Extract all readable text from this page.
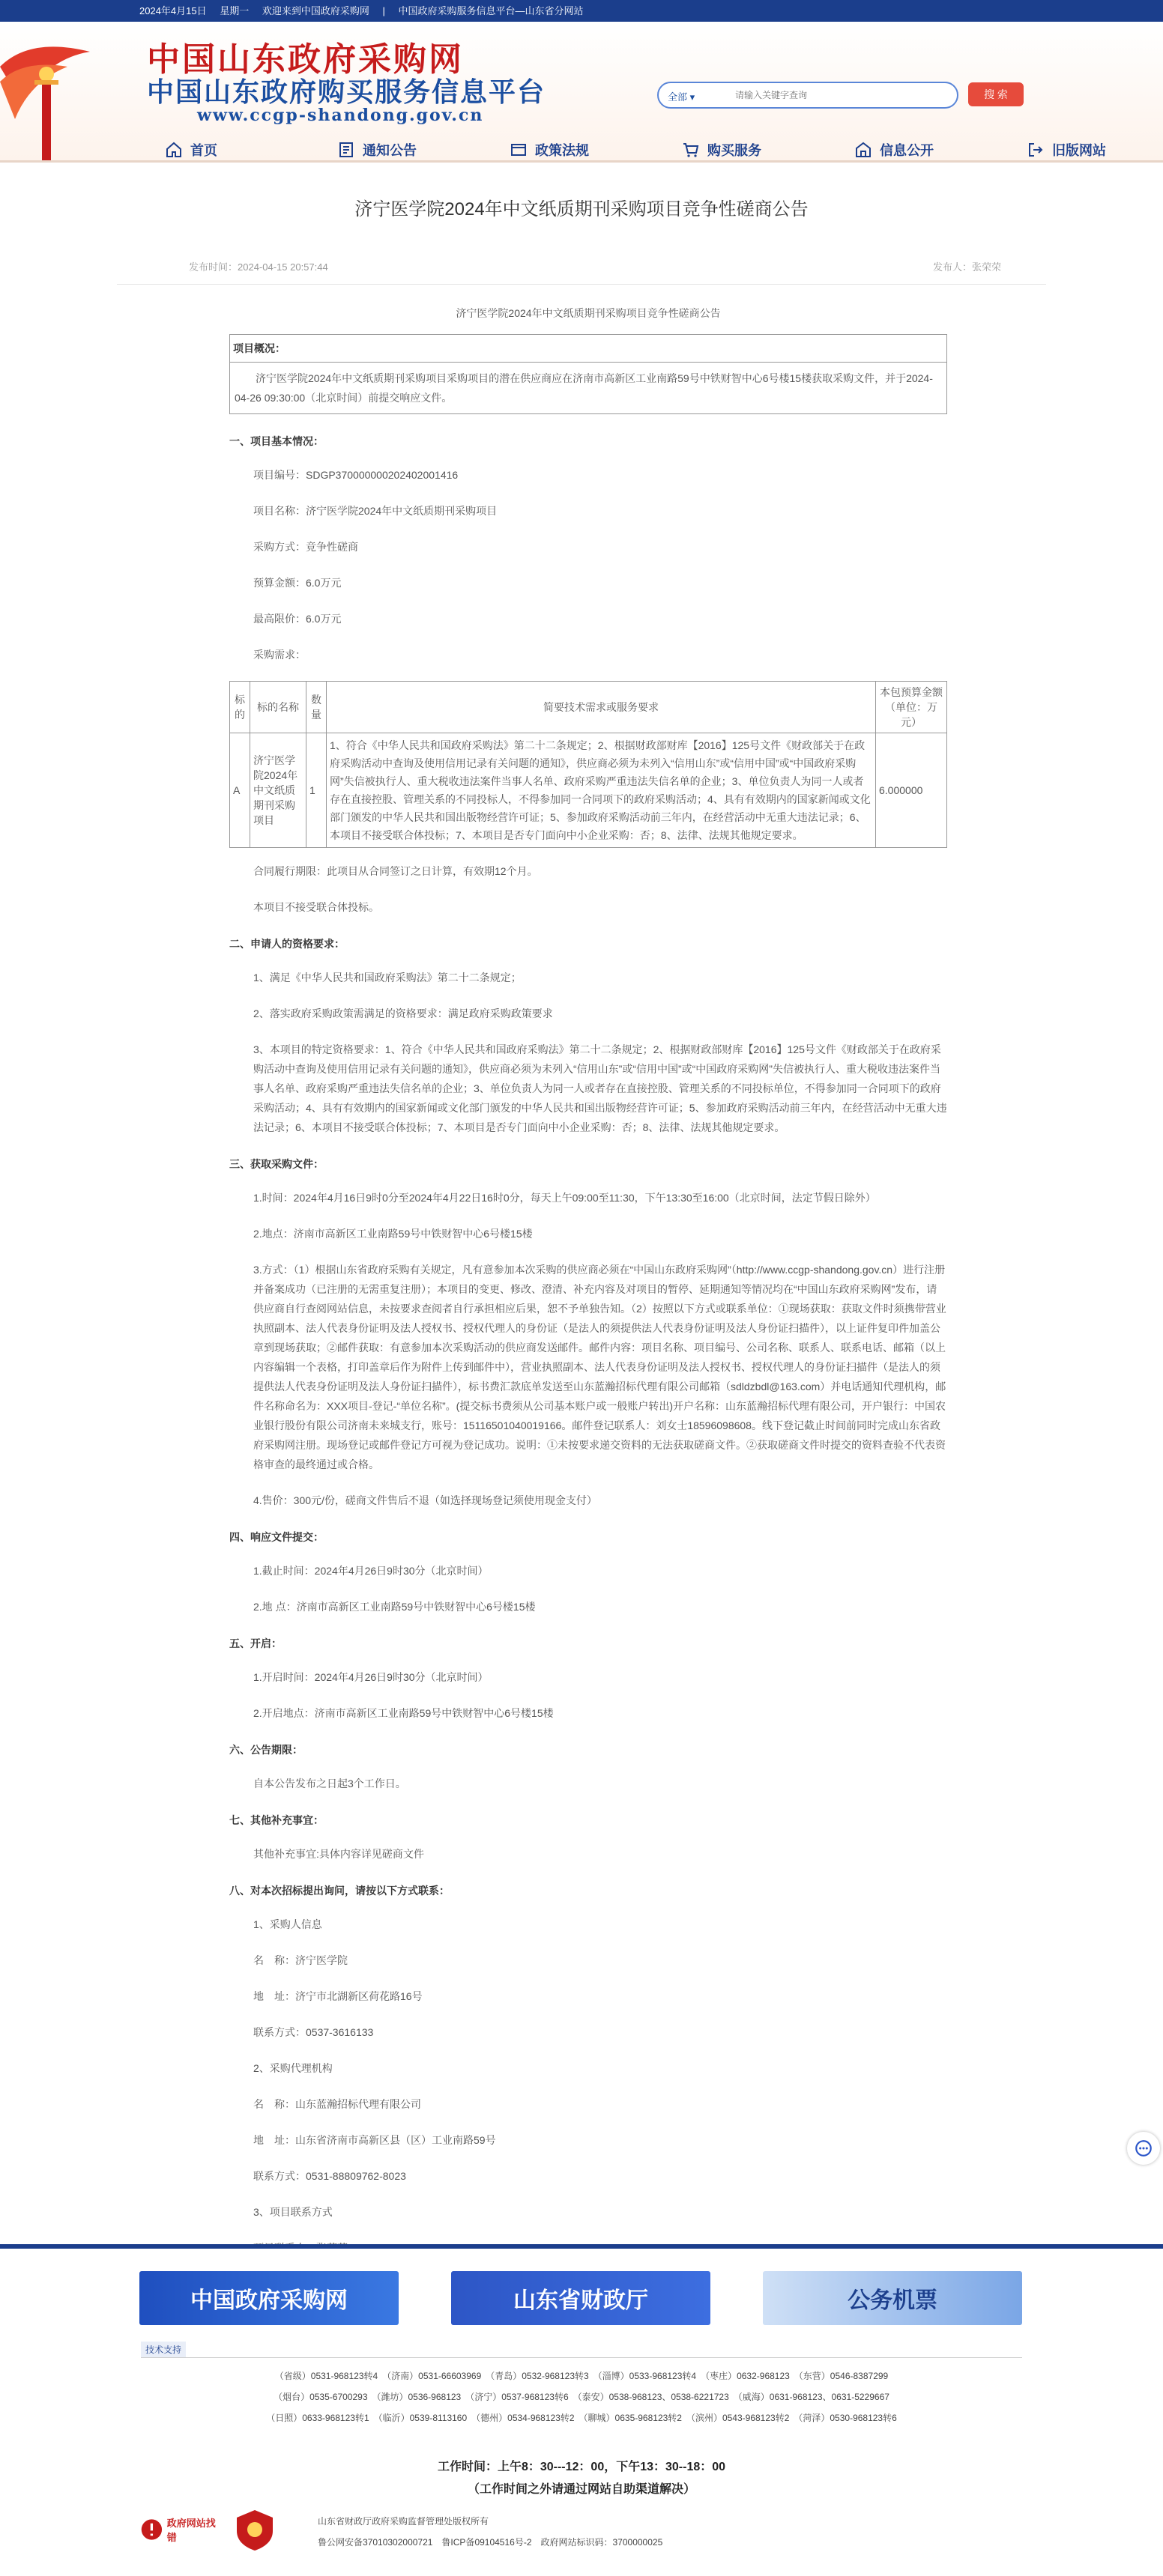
2024年4月15日 星期一 欢迎来到中国政府采购网 | 中国政府采购服务信息平台—山东省分网站
中国山东政府采购网
中国山东政府购买服务信息平台
www.ccgp-shandong.gov.cn
全部 ▾
请输入关键字查询	搜 索
首页	通知公告	政策法规	购买服务	信息公开	旧版网站
济宁医学院2024年中文纸质期刊采购项目竞争性磋商公告
发布时间：2024-04-15 20:57:44	发布人：张荣荣
济宁医学院2024年中文纸质期刊采购项目竞争性磋商公告
项目概况：
济宁医学院2024年中文纸质期刊采购项目采购项目的潜在供应商应在济南市高新区工业南路59号中铁财智中心6号楼15楼获取采购文件，并于2024-04-26 09:30:00（北京时间）前提交响应文件。
一、项目基本情况：
项目编号：SDGP370000000202402001416
项目名称：济宁医学院2024年中文纸质期刊采购项目
采购方式：竞争性磋商
预算金额：6.0万元
最高限价：6.0万元
采购需求：
标的	标的名称	数量	简要技术需求或服务要求	本包预算金额（单位：万元）
A	济宁医学院2024年中文纸质期刊采购项目	1	1、符合《中华人民共和国政府采购法》第二十二条规定；2、根据财政部财库【2016】125号文件《财政部关于在政府采购活动中查询及使用信用记录有关问题的通知》，供应商必须为未列入“信用山东”或“信用中国”或“中国政府采购网”失信被执行人、重大税收违法案件当事人名单、政府采购严重违法失信名单的企业；3、单位负责人为同一人或者存在直接控股、管理关系的不同投标人，不得参加同一合同项下的政府采购活动；4、具有有效期内的国家新闻或文化部门颁发的中华人民共和国出版物经营许可证；5、参加政府采购活动前三年内，在经营活动中无重大违法记录；6、本项目不接受联合体投标；7、本项目是否专门面向中小企业采购：否；8、法律、法规其他规定要求。	6.000000
合同履行期限：此项目从合同签订之日计算，有效期12个月。
本项目不接受联合体投标。
二、申请人的资格要求：
1、满足《中华人民共和国政府采购法》第二十二条规定；
2、落实政府采购政策需满足的资格要求：满足政府采购政策要求
3、本项目的特定资格要求：1、符合《中华人民共和国政府采购法》第二十二条规定；2、根据财政部财库【2016】125号文件《财政部关于在政府采购活动中查询及使用信用记录有关问题的通知》，供应商必须为未列入“信用山东”或“信用中国”或“中国政府采购网”失信被执行人、重大税收违法案件当事人名单、政府采购严重违法失信名单的企业；3、单位负责人为同一人或者存在直接控股、管理关系的不同投标单位，不得参加同一合同项下的政府采购活动；4、具有有效期内的国家新闻或文化部门颁发的中华人民共和国出版物经营许可证；5、参加政府采购活动前三年内，在经营活动中无重大违法记录；6、本项目不接受联合体投标；7、本项目是否专门面向中小企业采购：否；8、法律、法规其他规定要求。
三、获取采购文件：
1.时间：2024年4月16日9时0分至2024年4月22日16时0分，每天上午09:00至11:30，下午13:30至16:00（北京时间，法定节假日除外）
2.地点：济南市高新区工业南路59号中铁财智中心6号楼15楼
3.方式：（1）根据山东省政府采购有关规定，凡有意参加本次采购的供应商必须在“中国山东政府采购网”（http://www.ccgp-shandong.gov.cn）进行注册并备案成功（已注册的无需重复注册）；本项目的变更、修改、澄清、补充内容及对项目的暂停、延期通知等情况均在“中国山东政府采购网”发布，请供应商自行查阅网站信息，未按要求查阅者自行承担相应后果，恕不予单独告知。（2）按照以下方式或联系单位：①现场获取：获取文件时须携带营业执照副本、法人代表身份证明及法人授权书、授权代理人的身份证（是法人的须提供法人代表身份证明及法人身份证扫描件），以上证件复印件加盖公章到现场获取；②邮件获取：有意参加本次采购活动的供应商发送邮件。邮件内容：项目名称、项目编号、公司名称、联系人、联系电话、邮箱（以上内容编辑一个表格，打印盖章后作为附件上传到邮件中），营业执照副本、法人代表身份证明及法人授权书、授权代理人的身份证扫描件（是法人的须提供法人代表身份证明及法人身份证扫描件），标书费汇款底单发送至山东蓝瀚招标代理有限公司邮箱（sdldzbdl@163.com）并电话通知代理机构，邮件名称命名为：XXX项目-登记-“单位名称”。(提交标书费须从公司基本账户或一般账户转出)开户名称：山东蓝瀚招标代理有限公司，开户银行：中国农业银行股份有限公司济南未来城支行，账号：15116501040019166。邮件登记联系人：刘女士18596098608。线下登记截止时间前同时完成山东省政府采购网注册。现场登记或邮件登记方可视为登记成功。说明：①未按要求递交资料的无法获取磋商文件。②获取磋商文件时提交的资料查验不代表资格审查的最终通过或合格。
4.售价：300元/份，磋商文件售后不退（如选择现场登记须使用现金支付）
四、响应文件提交：
1.截止时间：2024年4月26日9时30分（北京时间）
2.地 点：济南市高新区工业南路59号中铁财智中心6号楼15楼
五、开启：
1.开启时间：2024年4月26日9时30分（北京时间）
2.开启地点：济南市高新区工业南路59号中铁财智中心6号楼15楼
六、公告期限：
自本公告发布之日起3个工作日。
七、其他补充事宜：
其他补充事宜:具体内容详见磋商文件
八、对本次招标提出询问，请按以下方式联系：
1、采购人信息
名　称：济宁医学院
地　址：济宁市北湖新区荷花路16号
联系方式：0537-3616133
2、采购代理机构
名　称：山东蓝瀚招标代理有限公司
地　址：山东省济南市高新区县（区）工业南路59号
联系方式：0531-88809762-8023
3、项目联系方式
中国政府采购网	山东省财政厅	公务机票
技术支持
（省级）0531-968123转4　（济南）0531-66603969　（青岛）0532-968123转3　（淄博）0533-968123转4　（枣庄）0632-968123　（东营）0546-8387299
（烟台）0535-6700293　（潍坊）0536-968123　（济宁）0537-968123转6　（泰安）0538-968123、0538-6221723　（威海）0631-968123、0631-5229667
（日照）0633-968123转1　（临沂）0539-8113160　（德州）0534-968123转2　（聊城）0635-968123转2　（滨州）0543-968123转2　（菏泽）0530-968123转6
工作时间：上午8：30---12：00，下午13：30--18：00
（工作时间之外请通过网站自助渠道解决）
政府网站找错
山东省财政厅政府采购监督管理处版权所有
鲁公网安备37010302000721　鲁ICP备09104516号-2　政府网站标识码：3700000025
